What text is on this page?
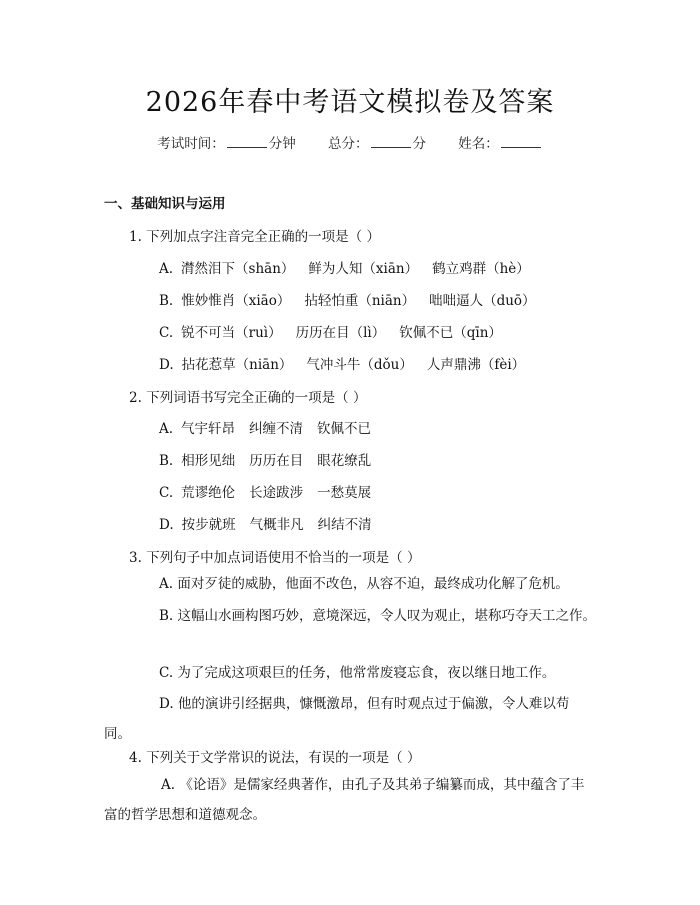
2026年春中考语文模拟卷及答案
考试时间：	分钟 总分：	分 姓名：
一、基础知识与运用
1. 下列加点字注音完全正确的一项是（ ）
A. 潸然泪下（shān） 鲜为人知（xiān） 鹤立鸡群（hè）
B. 惟妙惟肖（xiāo） 拈轻怕重（niān） 咄咄逼人（duō）
C. 锐不可当（ruì） 历历在目（lì） 钦佩不已（qīn）
D. 拈花惹草（niān） 气冲斗牛（dǒu） 人声鼎沸（fèi）
2. 下列词语书写完全正确的一项是（ ）
A. 气宇轩昂 纠缠不清 钦佩不已
B. 相形见绌 历历在目 眼花缭乱
C. 荒谬绝伦 长途跋涉 一愁莫展
D. 按步就班 气概非凡 纠结不清
3. 下列句子中加点词语使用不恰当的一项是（ ）
A. 面对歹徒的威胁，他面不改色，从容不迫，最终成功化解了危机。
B. 这幅山水画构图巧妙，意境深远，令人叹为观止，堪称巧夺天工之作。
C. 为了完成这项艰巨的任务，他常常废寝忘食，夜以继日地工作。
D. 他的演讲引经据典，慷慨激昂，但有时观点过于偏激，令人难以苟同。
4. 下列关于文学常识的说法，有误的一项是（ ）
A. 《论语》是儒家经典著作，由孔子及其弟子编纂而成，其中蕴含了丰富的哲学思想和道德观念。
